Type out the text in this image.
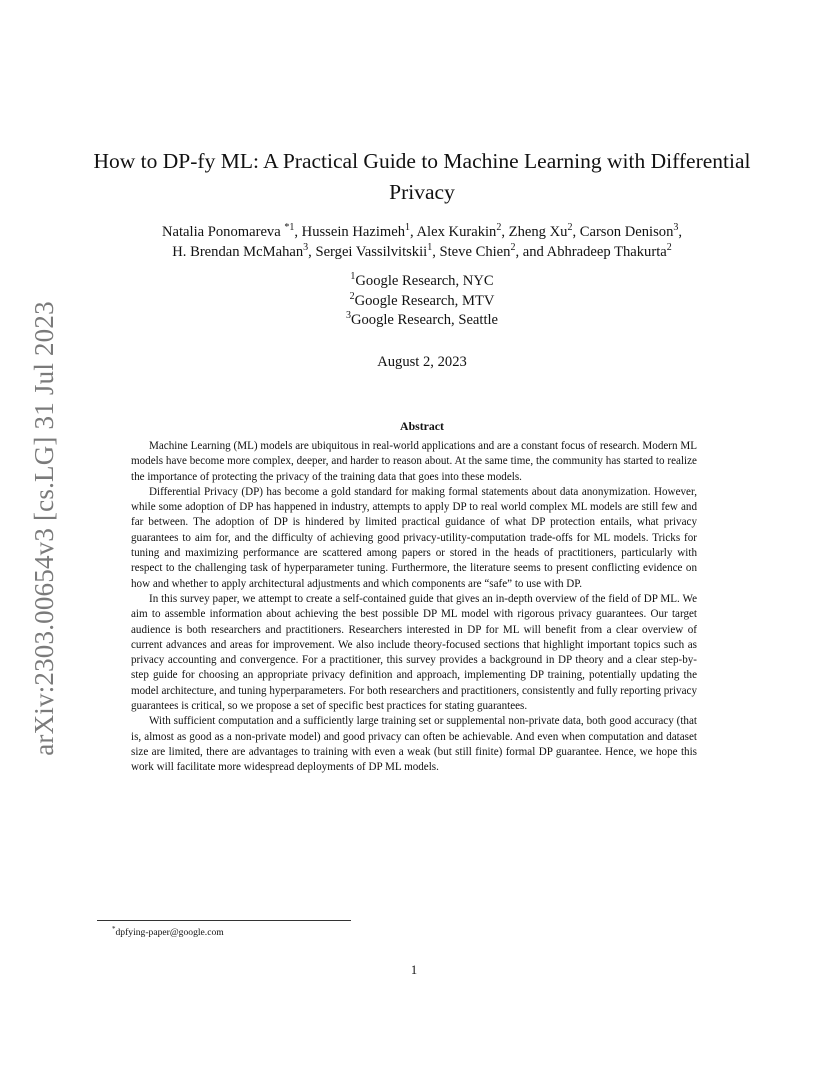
arXiv:2303.00654v3 [cs.LG] 31 Jul 2023
How to DP-fy ML: A Practical Guide to Machine Learning with Differential Privacy
Natalia Ponomareva $^{*1}$, Hussein Hazimeh$^1$, Alex Kurakin$^2$, Zheng Xu$^2$, Carson Denison$^3$,
H. Brendan McMahan$^3$, Sergei Vassilvitskii$^1$, Steve Chien$^2$, and Abhradeep Thakurta$^2$
$^1$Google Research, NYC
$^2$Google Research, MTV
$^3$Google Research, Seattle
August 2, 2023
Abstract

Machine Learning (ML) models are ubiquitous in real-world applications and are a constant focus of research. Modern ML models have become more complex, deeper, and harder to reason about. At the same time, the community has started to realize the importance of protecting the privacy of the training data that goes into these models.

Differential Privacy (DP) has become a gold standard for making formal statements about data anonymization. However, while some adoption of DP has happened in industry, attempts to apply DP to real world complex ML models are still few and far between. The adoption of DP is hindered by limited practical guidance of what DP protection entails, what privacy guarantees to aim for, and the difficulty of achieving good privacy-utility-computation trade-offs for ML models. Tricks for tuning and maximizing performance are scattered among papers or stored in the heads of practitioners, particularly with respect to the challenging task of hyperparameter tuning. Furthermore, the literature seems to present conflicting evidence on how and whether to apply architectural adjustments and which components are “safe” to use with DP.

In this survey paper, we attempt to create a self-contained guide that gives an in-depth overview of the field of DP ML. We aim to assemble information about achieving the best possible DP ML model with rigorous privacy guarantees. Our target audience is both researchers and practitioners. Researchers interested in DP for ML will benefit from a clear overview of current advances and areas for improvement. We also include theory-focused sections that highlight important topics such as privacy accounting and convergence. For a practitioner, this survey provides a background in DP theory and a clear step-by-step guide for choosing an appropriate privacy definition and approach, implementing DP training, potentially updating the model architecture, and tuning hyperparameters. For both researchers and practitioners, consistently and fully reporting privacy guarantees is critical, so we propose a set of specific best practices for stating guarantees.

With sufficient computation and a sufficiently large training set or supplemental non-private data, both good accuracy (that is, almost as good as a non-private model) and good privacy can often be achievable. And even when computation and dataset size are limited, there are advantages to training with even a weak (but still finite) formal DP guarantee. Hence, we hope this work will facilitate more widespread deployments of DP ML models.

*dpfying-paper@google.com
1
